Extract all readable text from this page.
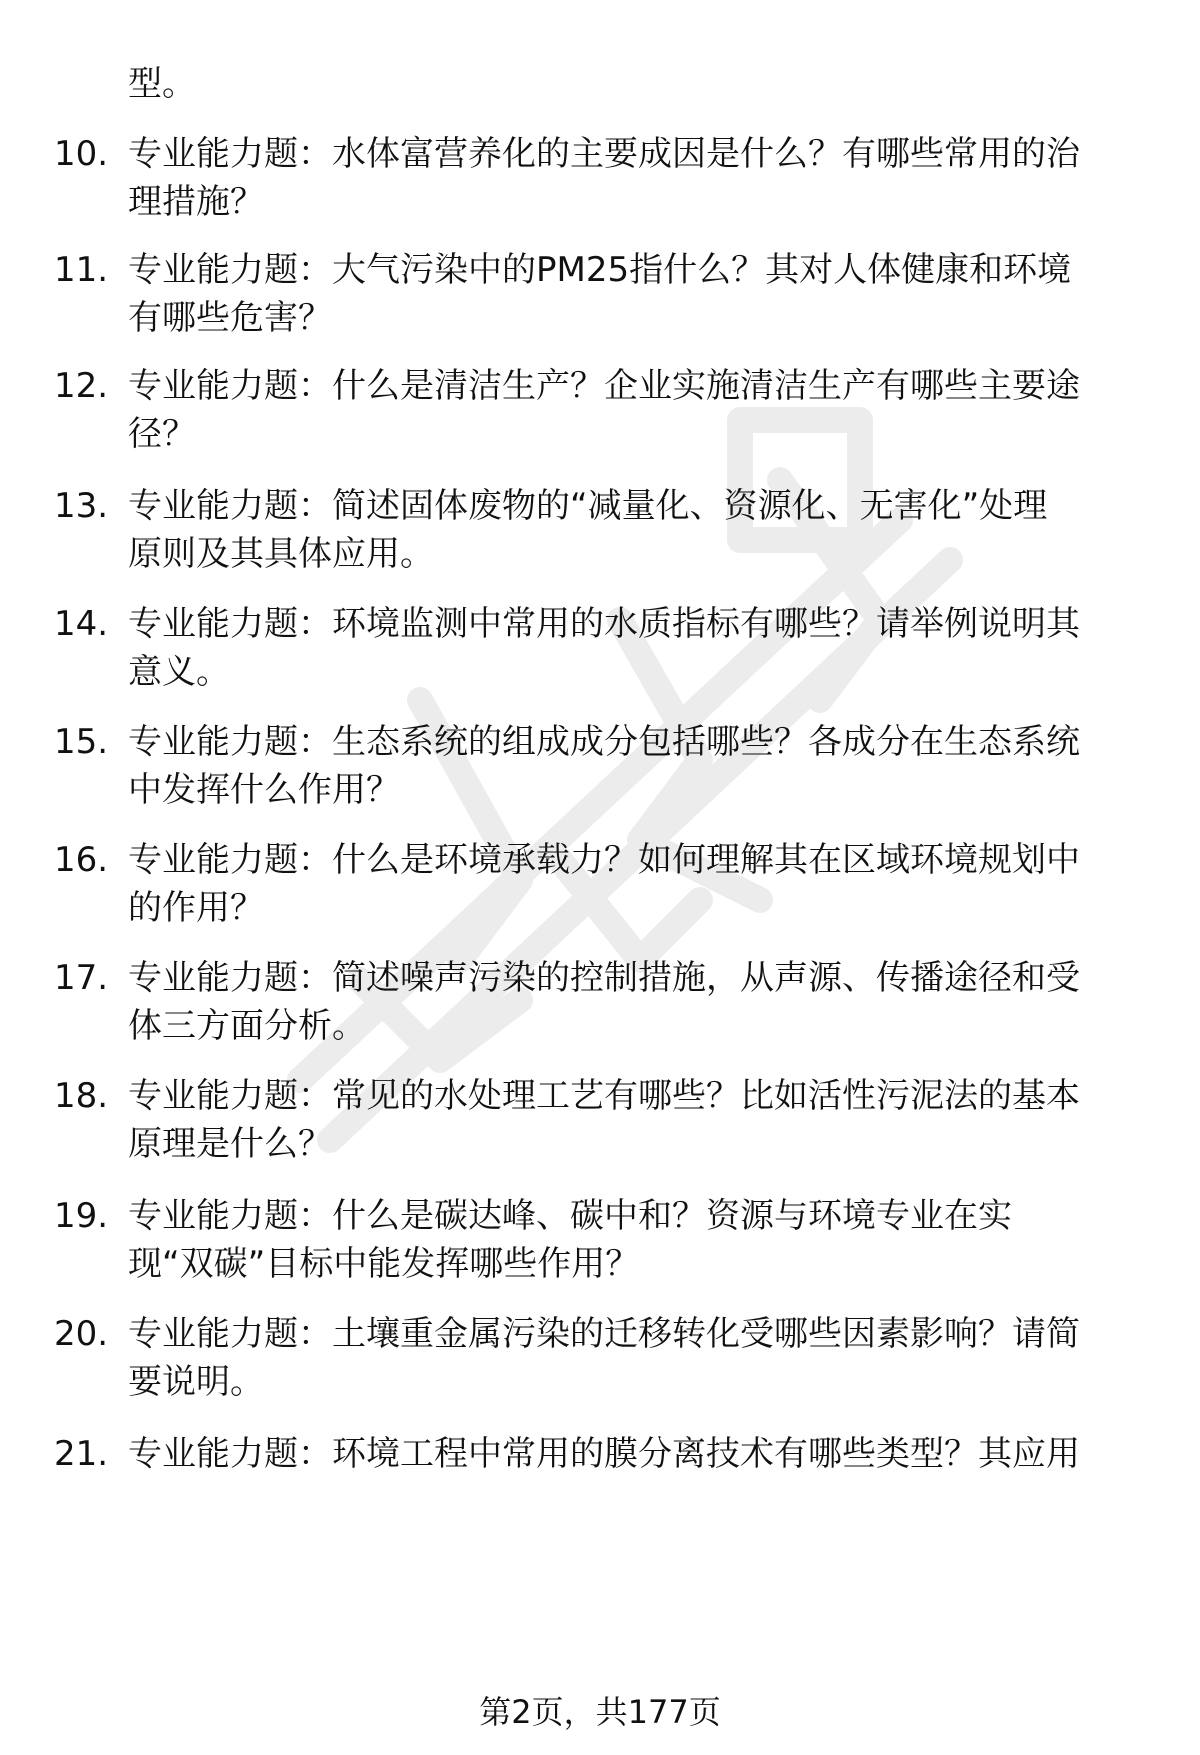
型。
10. 专业能力题：水体富营养化的主要成因是什么？有哪些常用的治
理措施？
11. 专业能力题：大气污染中的PM25指什么？其对人体健康和环境
有哪些危害？
12. 专业能力题：什么是清洁生产？企业实施清洁生产有哪些主要途
径？
13. 专业能力题：简述固体废物的“减量化、资源化、无害化”处理
原则及其具体应用。
14. 专业能力题：环境监测中常用的水质指标有哪些？请举例说明其
意义。
15. 专业能力题：生态系统的组成成分包括哪些？各成分在生态系统
中发挥什么作用？
16. 专业能力题：什么是环境承载力？如何理解其在区域环境规划中
的作用？
17. 专业能力题：简述噪声污染的控制措施，从声源、传播途径和受
体三方面分析。
18. 专业能力题：常见的水处理工艺有哪些？比如活性污泥法的基本
原理是什么？
19. 专业能力题：什么是碳达峰、碳中和？资源与环境专业在实
现“双碳”目标中能发挥哪些作用？
20. 专业能力题：土壤重金属污染的迁移转化受哪些因素影响？请简
要说明。
21. 专业能力题：环境工程中常用的膜分离技术有哪些类型？其应用
第2页，共177页
